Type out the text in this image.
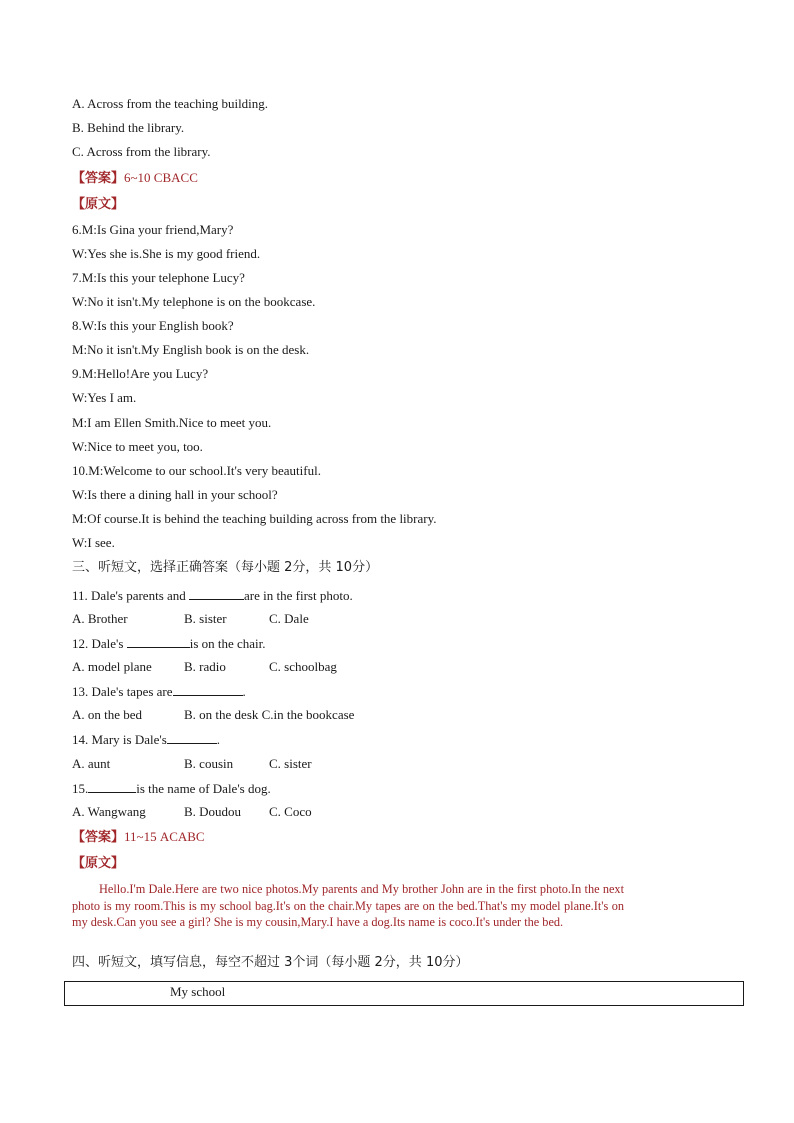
A. Across from the teaching building.
B. Behind the library.
C. Across from the library.
【答案】6~10 CBACC
【原文】
6.M:Is Gina your friend,Mary?
W:Yes she is.She is my good friend.
7.M:Is this your telephone Lucy?
W:No it isn't.My telephone is on the bookcase.
8.W:Is this your English book?
M:No it isn't.My English book is on the desk.
9.M:Hello!Are you Lucy?
W:Yes I am.
M:I am Ellen Smith.Nice to meet you.
W:Nice to meet you, too.
10.M:Welcome to our school.It's very beautiful.
W:Is there a dining hall in your school?
M:Of course.It is behind the teaching building across from the library.
W:I see.
三、听短文，选择正确答案（每小题 2分，共 10分）
11. Dale's parents and	are in the first photo.
A. Brother	B. sister	C. Dale
12. Dale's	is on the chair.
A. model plane B. radio	C. schoolbag
13. Dale's tapes are	.
A. on the bed	B. on the desk C.in the bookcase
14. Mary is Dale's	.
A. aunt	B. cousin	C. sister
15.	is the name of Dale's dog.
A. Wangwang	B. Doudou C. Coco
【答案】11~15 ACABC
【原文】
Hello.I'm Dale.Here are two nice photos.My parents and My brother John are in the first photo.In the next photo is my room.This is my school bag.It's on the chair.My tapes are on the bed.That's my model plane.It's on my desk.Can you see a girl? She is my cousin,Mary.I have a dog.Its name is coco.It's under the bed.
四、听短文，填写信息，每空不超过 3个词（每小题 2分，共 10分）
My school
